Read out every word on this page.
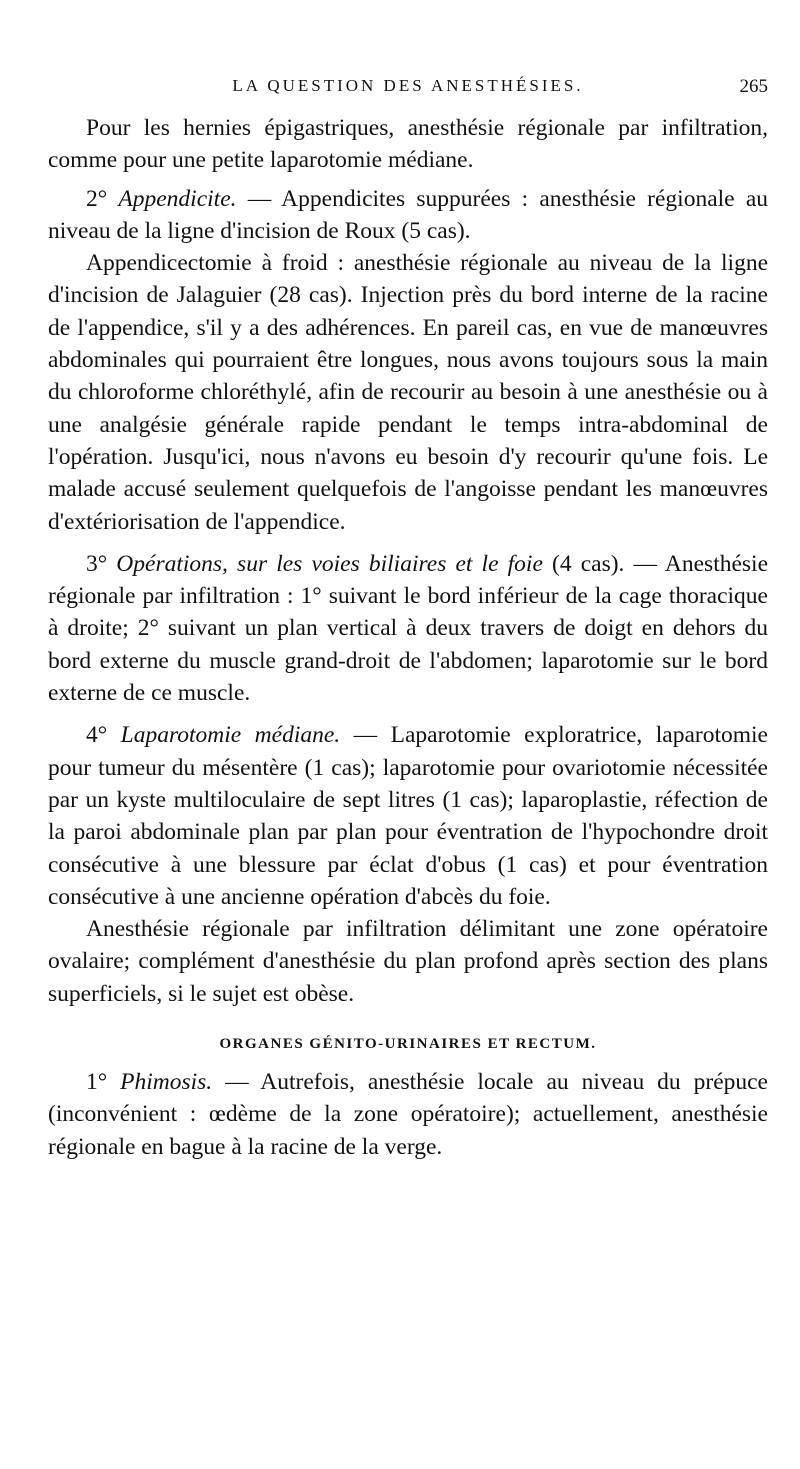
LA QUESTION DES ANESTHÉSIES.	265

Pour les hernies épigastriques, anesthésie régionale par infiltration, comme pour une petite laparotomie médiane.

2° Appendicite. — Appendicites suppurées : anesthésie régionale au niveau de la ligne d'incision de Roux (5 cas).

Appendicectomie à froid : anesthésie régionale au niveau de la ligne d'incision de Jalaguier (28 cas). Injection près du bord interne de la racine de l'appendice, s'il y a des adhérences. En pareil cas, en vue de manœuvres abdominales qui pourraient être longues, nous avons toujours sous la main du chloroforme chloréthylé, afin de recourir au besoin à une anesthésie ou à une analgésie générale rapide pendant le temps intra-abdominal de l'opération. Jusqu'ici, nous n'avons eu besoin d'y recourir qu'une fois. Le malade accusé seulement quelquefois de l'angoisse pendant les manœuvres d'extériorisation de l'appendice.

3° Opérations, sur les voies biliaires et le foie (4 cas). — Anesthésie régionale par infiltration : 1° suivant le bord inférieur de la cage thoracique à droite; 2° suivant un plan vertical à deux travers de doigt en dehors du bord externe du muscle grand-droit de l'abdomen; laparotomie sur le bord externe de ce muscle.

4° Laparotomie médiane. — Laparotomie exploratrice, laparotomie pour tumeur du mésentère (1 cas); laparotomie pour ovariotomie nécessitée par un kyste multiloculaire de sept litres (1 cas); laparoplastie, réfection de la paroi abdominale plan par plan pour éventration de l'hypochondre droit consécutive à une blessure par éclat d'obus (1 cas) et pour éventration consécutive à une ancienne opération d'abcès du foie.

Anesthésie régionale par infiltration délimitant une zone opératoire ovalaire; complément d'anesthésie du plan profond après section des plans superficiels, si le sujet est obèse.

ORGANES GÉNITO-URINAIRES ET RECTUM.

1° Phimosis. — Autrefois, anesthésie locale au niveau du prépuce (inconvénient : œdème de la zone opératoire); actuellement, anesthésie régionale en bague à la racine de la verge.
